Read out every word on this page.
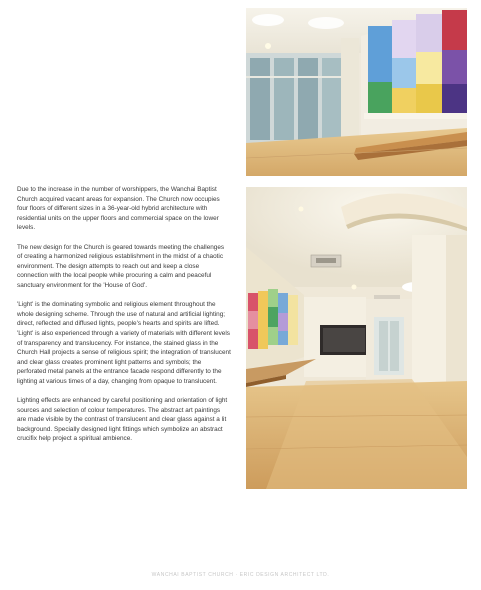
Due to the increase in the number of worshippers, the Wanchai Baptist Church acquired vacant areas for expansion. The Church now occupies four floors of different sizes in a 36-year-old hybrid architecture with residential units on the upper floors and commercial space on the lower levels.

The new design for the Church is geared towards meeting the challenges of creating a harmonized religious establishment in the midst of a chaotic environment. The design attempts to reach out and keep a close connection with the local people while procuring a calm and peaceful sanctuary environment for the 'House of God'.

'Light' is the dominating symbolic and religious element throughout the whole designing scheme. Through the use of natural and artificial lighting; direct, reflected and diffused lights, people's hearts and spirits are lifted. 'Light' is also experienced through a variety of materials with different levels of transparency and translucency. For instance, the stained glass in the Church Hall projects a sense of religious spirit; the integration of translucent and clear glass creates prominent light patterns and symbols; the perforated metal panels at the entrance facade respond differently to the lighting at various times of a day, changing from opaque to translucent.

Lighting effects are enhanced by careful positioning and orientation of light sources and selection of colour temperatures. The abstract art paintings are made visible by the contrast of translucent and clear glass against a lit background. Specially designed light fittings which symbolize an abstract crucifix help project a spiritual ambience.

WANCHAI BAPTIST CHURCH · ERIC DESIGN ARCHITECT LTD.
